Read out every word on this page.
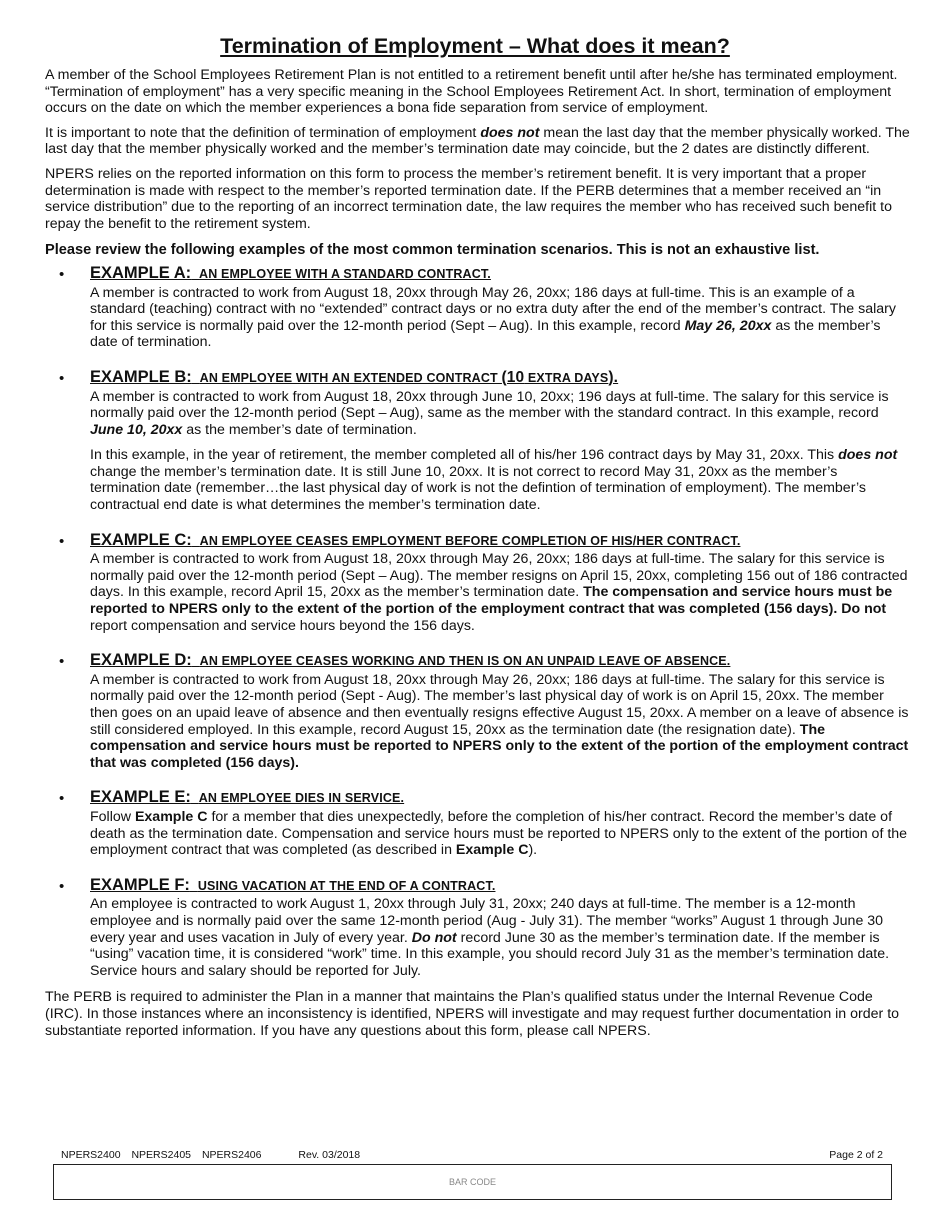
Termination of Employment – What does it mean?

A member of the School Employees Retirement Plan is not entitled to a retirement benefit until after he/she has terminated employment. “Termination of employment” has a very specific meaning in the School Employees Retirement Act. In short, termination of employment occurs on the date on which the member experiences a bona fide separation from service of employment.

It is important to note that the definition of termination of employment does not mean the last day that the member physically worked. The last day that the member physically worked and the member’s termination date may coincide, but the 2 dates are distinctly different.

NPERS relies on the reported information on this form to process the member’s retirement benefit. It is very important that a proper determination is made with respect to the member’s reported termination date. If the PERB determines that a member received an “in service distribution” due to the reporting of an incorrect termination date, the law requires the member who has received such benefit to repay the benefit to the retirement system.

Please review the following examples of the most common termination scenarios. This is not an exhaustive list.

• EXAMPLE A: AN EMPLOYEE WITH A STANDARD CONTRACT.

A member is contracted to work from August 18, 20xx through May 26, 20xx; 186 days at full-time. This is an example of a standard (teaching) contract with no “extended” contract days or no extra duty after the end of the member’s contract. The salary for this service is normally paid over the 12-month period (Sept – Aug). In this example, record May 26, 20xx as the member’s date of termination.

• EXAMPLE B: AN EMPLOYEE WITH AN EXTENDED CONTRACT (10 EXTRA DAYS).

A member is contracted to work from August 18, 20xx through June 10, 20xx; 196 days at full-time. The salary for this service is normally paid over the 12-month period (Sept – Aug), same as the member with the standard contract. In this example, record June 10, 20xx as the member’s date of termination.

In this example, in the year of retirement, the member completed all of his/her 196 contract days by May 31, 20xx. This does not change the member’s termination date. It is still June 10, 20xx. It is not correct to record May 31, 20xx as the member’s termination date (remember…the last physical day of work is not the defintion of termination of employment). The member’s contractual end date is what determines the member’s termination date.

• EXAMPLE C: AN EMPLOYEE CEASES EMPLOYMENT BEFORE COMPLETION OF HIS/HER CONTRACT.

A member is contracted to work from August 18, 20xx through May 26, 20xx; 186 days at full-time. The salary for this service is normally paid over the 12-month period (Sept – Aug). The member resigns on April 15, 20xx, completing 156 out of 186 contracted days. In this example, record April 15, 20xx as the member’s termination date. The compensation and service hours must be reported to NPERS only to the extent of the portion of the employment contract that was completed (156 days). Do not report compensation and service hours beyond the 156 days.

• EXAMPLE D: AN EMPLOYEE CEASES WORKING AND THEN IS ON AN UNPAID LEAVE OF ABSENCE.

A member is contracted to work from August 18, 20xx through May 26, 20xx; 186 days at full-time. The salary for this service is normally paid over the 12-month period (Sept - Aug). The member’s last physical day of work is on April 15, 20xx. The member then goes on an upaid leave of absence and then eventually resigns effective August 15, 20xx. A member on a leave of absence is still considered employed. In this example, record August 15, 20xx as the termination date (the resignation date). The compensation and service hours must be reported to NPERS only to the extent of the portion of the employment contract that was completed (156 days).

• EXAMPLE E: AN EMPLOYEE DIES IN SERVICE.

Follow Example C for a member that dies unexpectedly, before the completion of his/her contract. Record the member’s date of death as the termination date. Compensation and service hours must be reported to NPERS only to the extent of the portion of the employment contract that was completed (as described in Example C).

• EXAMPLE F: USING VACATION AT THE END OF A CONTRACT.

An employee is contracted to work August 1, 20xx through July 31, 20xx; 240 days at full-time. The member is a 12-month employee and is normally paid over the same 12-month period (Aug - July 31). The member “works” August 1 through June 30 every year and uses vacation in July of every year. Do not record June 30 as the member’s termination date. If the member is “using” vacation time, it is considered “work” time. In this example, you should record July 31 as the member’s termination date. Service hours and salary should be reported for July.

The PERB is required to administer the Plan in a manner that maintains the Plan’s qualified status under the Internal Revenue Code (IRC). In those instances where an inconsistency is identified, NPERS will investigate and may request further documentation in order to substantiate reported information. If you have any questions about this form, please call NPERS.

NPERS2400 NPERS2405 NPERS2406	Rev. 03/2018	Page 2 of 2
BAR CODE
